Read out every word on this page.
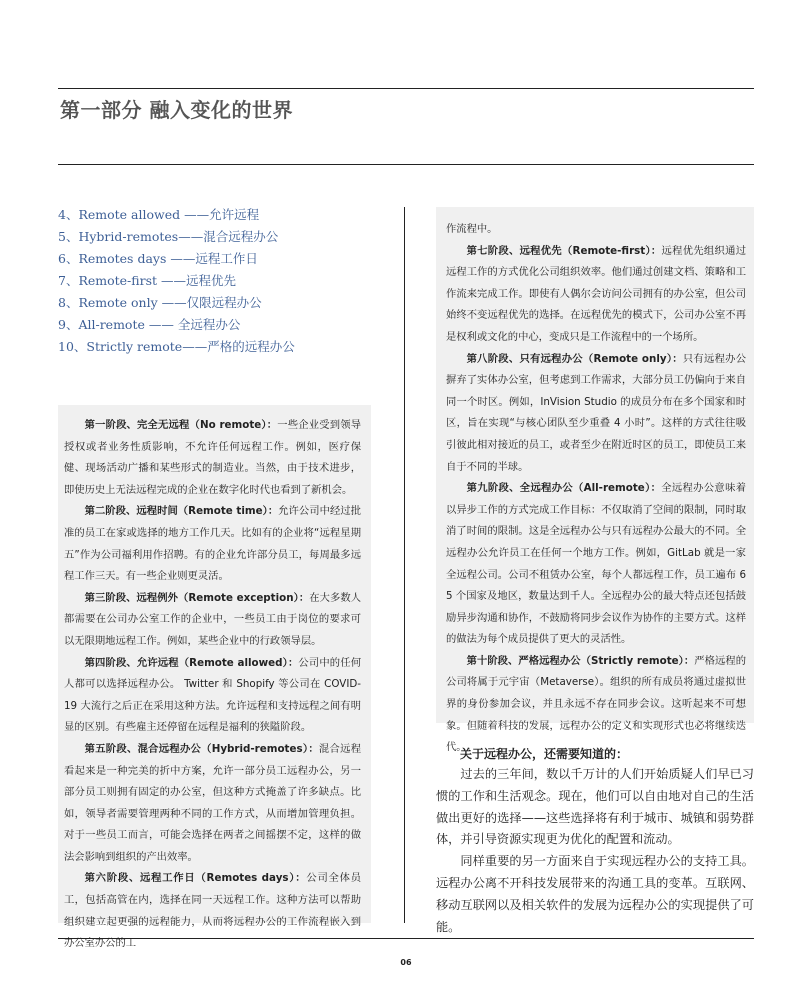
第一部分 融入变化的世界
4、Remote allowed ——允许远程
5、Hybrid-remotes——混合远程办公
6、Remotes days ——远程工作日
7、Remote-first ——远程优先
8、Remote only ——仅限远程办公
9、All-remote —— 全远程办公
10、Strictly remote——严格的远程办公

第一阶段、完全无远程（No remote）：一些企业受到领导授权或者业务性质影响，不允许任何远程工作。例如，医疗保健、现场活动广播和某些形式的制造业。当然，由于技术进步，即使历史上无法远程完成的企业在数字化时代也看到了新机会。

第二阶段、远程时间（Remote time）：允许公司中经过批准的员工在家或选择的地方工作几天。比如有的企业将“远程星期五”作为公司福利用作招聘。有的企业允许部分员工，每周最多远程工作三天。有一些企业则更灵活。

第三阶段、远程例外（Remote exception）：在大多数人都需要在公司办公室工作的企业中，一些员工由于岗位的要求可以无限期地远程工作。例如，某些企业中的行政领导层。

第四阶段、允许远程（Remote allowed）：公司中的任何人都可以选择远程办公。 Twitter 和 Shopify 等公司在 COVID-19 大流行之后正在采用这种方法。允许远程和支持远程之间有明显的区别。有些雇主还停留在远程是福利的狭隘阶段。

第五阶段、混合远程办公（Hybrid-remotes）：混合远程看起来是一种完美的折中方案，允许一部分员工远程办公，另一部分员工则拥有固定的办公室，但这种方式掩盖了许多缺点。比如，领导者需要管理两种不同的工作方式，从而增加管理负担。对于一些员工而言，可能会选择在两者之间摇摆不定，这样的做法会影响到组织的产出效率。

第六阶段、远程工作日（Remotes days）：公司全体员工，包括高管在内，选择在同一天远程工作。这种方法可以帮助组织建立起更强的远程能力，从而将远程办公的工作流程嵌入到办公室办公的工

作流程中。

第七阶段、远程优先（Remote-first）：远程优先组织通过远程工作的方式优化公司组织效率。他们通过创建文档、策略和工作流来完成工作。即使有人偶尔会访问公司拥有的办公室，但公司始终不变远程优先的选择。在远程优先的模式下，公司办公室不再是权利或文化的中心，变成只是工作流程中的一个场所。

第八阶段、只有远程办公（Remote only）：只有远程办公摒弃了实体办公室，但考虑到工作需求，大部分员工仍偏向于来自同一个时区。例如，InVision Studio 的成员分布在多个国家和时区，旨在实现“与核心团队至少重叠 4 小时”。这样的方式往往吸引彼此相对接近的员工，或者至少在附近时区的员工，即使员工来自于不同的半球。

第九阶段、全远程办公（All-remote）：全远程办公意味着以异步工作的方式完成工作目标：不仅取消了空间的限制，同时取消了时间的限制。这是全远程办公与只有远程办公最大的不同。全远程办公允许员工在任何一个地方工作。例如，GitLab 就是一家全远程公司。公司不租赁办公室，每个人都远程工作，员工遍布 65 个国家及地区，数量达到千人。全远程办公的最大特点还包括鼓励异步沟通和协作，不鼓励将同步会议作为协作的主要方式。这样的做法为每个成员提供了更大的灵活性。

第十阶段、严格远程办公（Strictly remote）：严格远程的公司将属于元宇宙（Metaverse）。组织的所有成员将通过虚拟世界的身份参加会议，并且永远不存在同步会议。这听起来不可想象。但随着科技的发展，远程办公的定义和实现形式也必将继续迭代。

关于远程办公，还需要知道的：

过去的三年间，数以千万计的人们开始质疑人们早已习惯的工作和生活观念。现在，他们可以自由地对自己的生活做出更好的选择——这些选择将有利于城市、城镇和弱势群体，并引导资源实现更为优化的配置和流动。

同样重要的另一方面来自于实现远程办公的支持工具。远程办公离不开科技发展带来的沟通工具的变革。互联网、移动互联网以及相关软件的发展为远程办公的实现提供了可能。

06
